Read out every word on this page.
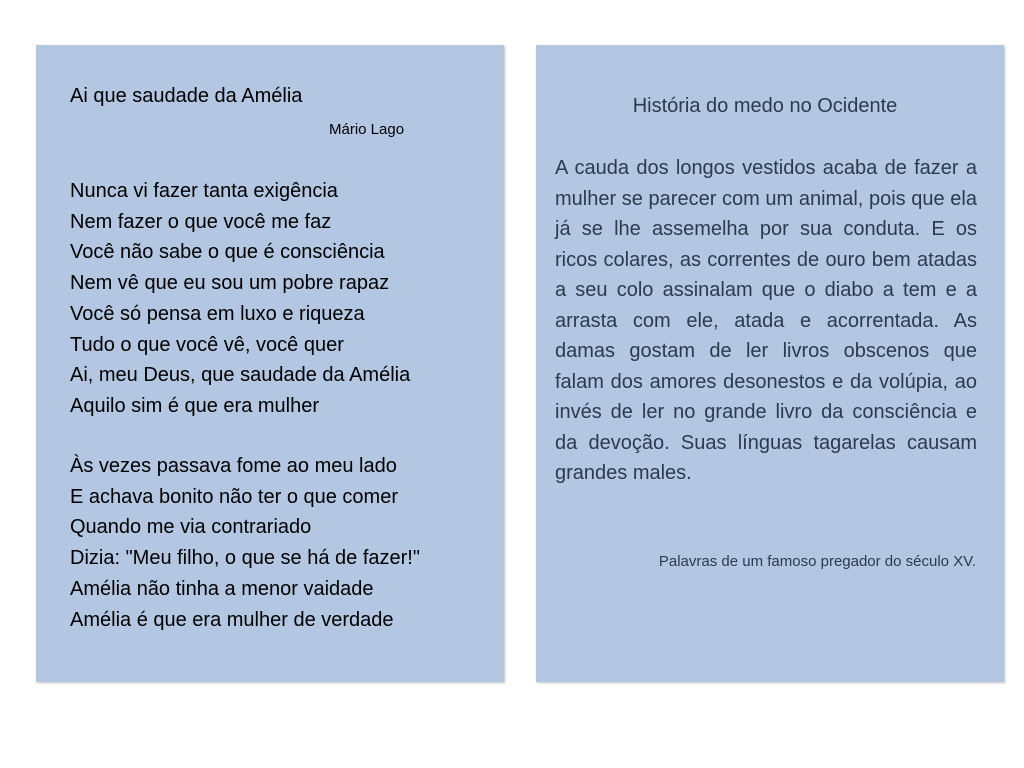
Ai que saudade da Amélia
Mário Lago
Nunca vi fazer tanta exigência
Nem fazer o que você me faz
Você não sabe o que é consciência
Nem vê que eu sou um pobre rapaz
Você só pensa em luxo e riqueza
Tudo o que você vê, você quer
Ai, meu Deus, que saudade da Amélia
Aquilo sim é que era mulher
Às vezes passava fome ao meu lado
E achava bonito não ter o que comer
Quando me via contrariado
Dizia: "Meu filho, o que se há de fazer!"
Amélia não tinha a menor vaidade
Amélia é que era mulher de verdade
História do medo no Ocidente

A cauda dos longos vestidos acaba de fazer a mulher se parecer com um animal, pois que ela já se lhe assemelha por sua conduta. E os ricos colares, as correntes de ouro bem atadas a seu colo assinalam que o diabo a tem e a arrasta com ele, atada e acorrentada. As damas gostam de ler livros obscenos que falam dos amores desonestos e da volúpia, ao invés de ler no grande livro da consciência e da devoção. Suas línguas tagarelas causam grandes males.

Palavras de um famoso pregador do século XV.
